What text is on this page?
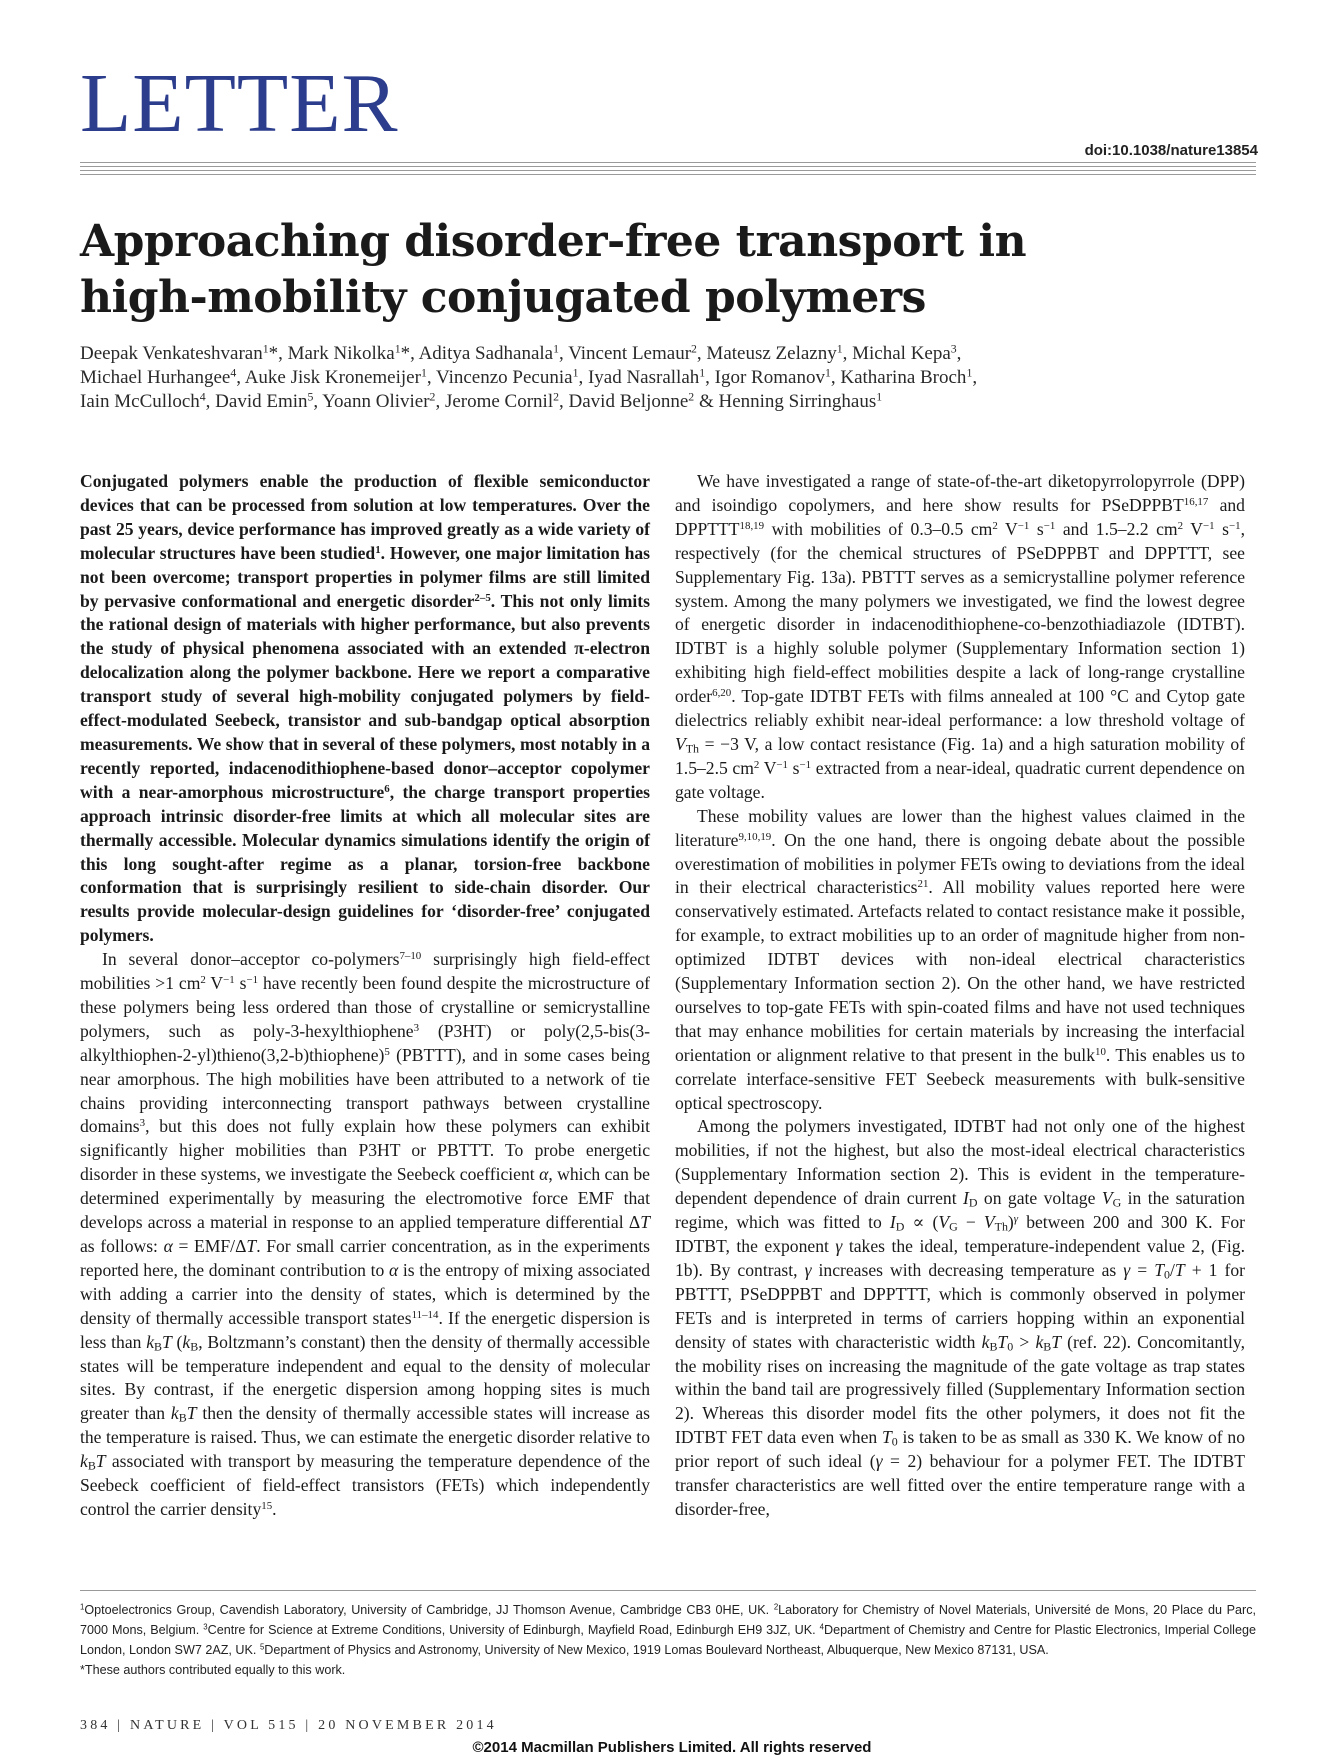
LETTER
doi:10.1038/nature13854
Approaching disorder-free transport in
high-mobility conjugated polymers
Deepak Venkateshvaran$^1$*, Mark Nikolka$^1$*, Aditya Sadhanala$^1$, Vincent Lemaur$^2$, Mateusz Zelazny$^1$, Michal Kepa$^3$,
Michael Hurhangee$^4$, Auke Jisk Kronemeijer$^1$, Vincenzo Pecunia$^1$, Iyad Nasrallah$^1$, Igor Romanov$^1$, Katharina Broch$^1$,
Iain McCulloch$^4$, David Emin$^5$, Yoann Olivier$^2$, Jerome Cornil$^2$, David Beljonne$^2$ & Henning Sirringhaus$^1$

Conjugated polymers enable the production of flexible semiconductor devices that can be processed from solution at low temperatures. Over the past 25 years, device performance has improved greatly as a wide variety of molecular structures have been studied$^1$. However, one major limitation has not been overcome; transport properties in polymer films are still limited by pervasive conformational and energetic disorder$^{2-5}$. This not only limits the rational design of materials with higher performance, but also prevents the study of physical phenomena associated with an extended π-electron delocalization along the polymer backbone. Here we report a comparative transport study of several high-mobility conjugated polymers by field-effect-modulated Seebeck, transistor and sub-bandgap optical absorption measurements. We show that in several of these polymers, most notably in a recently reported, indacenodithiophene-based donor–acceptor copolymer with a near-amorphous microstructure$^6$, the charge transport properties approach intrinsic disorder-free limits at which all molecular sites are thermally accessible. Molecular dynamics simulations identify the origin of this long sought-after regime as a planar, torsion-free backbone conformation that is surprisingly resilient to side-chain disorder. Our results provide molecular-design guidelines for ‘disorder-free’ conjugated polymers.

In several donor–acceptor co-polymers$^{7-10}$ surprisingly high field-effect mobilities >1 $cm^2$ $V^{-1}$ $s^{-1}$ have recently been found despite the microstructure of these polymers being less ordered than those of crystalline or semicrystalline polymers, such as poly-3-hexylthiophene$^3$ (P3HT) or poly(2,5-bis(3-alkylthiophen-2-yl)thieno(3,2-b)thiophene)$^5$ (PBTTT), and in some cases being near amorphous. The high mobilities have been attributed to a network of tie chains providing interconnecting transport pathways between crystalline domains$^3$, but this does not fully explain how these polymers can exhibit significantly higher mobilities than P3HT or PBTTT. To probe energetic disorder in these systems, we investigate the Seebeck coefficient α, which can be determined experimentally by measuring the electromotive force EMF that develops across a material in response to an applied temperature differential ΔT as follows: α = EMF/ΔT. For small carrier concentration, as in the experiments reported here, the dominant contribution to α is the entropy of mixing associated with adding a carrier into the density of states, which is determined by the density of thermally accessible transport states$^{11-14}$. If the energetic dispersion is less than $k_BT$ ($k_B$, Boltzmann’s constant) then the density of thermally accessible states will be temperature independent and equal to the density of molecular sites. By contrast, if the energetic dispersion among hopping sites is much greater than $k_BT$ then the density of thermally accessible states will increase as the temperature is raised. Thus, we can estimate the energetic disorder relative to $k_BT$ associated with transport by measuring the temperature dependence of the Seebeck coefficient of field-effect transistors (FETs) which independently control the carrier density$^{15}$.

We have investigated a range of state-of-the-art diketopyrrolopyrrole (DPP) and isoindigo copolymers, and here show results for PSeDPPBT$^{16,17}$ and DPPTTT$^{18,19}$ with mobilities of 0.3–0.5 $cm^2$ $V^{-1}$ $s^{-1}$ and 1.5–2.2 $cm^2$ $V^{-1}$ $s^{-1}$, respectively (for the chemical structures of PSeDPPBT and DPPTTT, see Supplementary Fig. 13a). PBTTT serves as a semicrystalline polymer reference system. Among the many polymers we investigated, we find the lowest degree of energetic disorder in indacenodithiophene-co-benzothiadiazole (IDTBT). IDTBT is a highly soluble polymer (Supplementary Information section 1) exhibiting high field-effect mobilities despite a lack of long-range crystalline order$^{6,20}$. Top-gate IDTBT FETs with films annealed at 100 °C and Cytop gate dielectrics reliably exhibit near-ideal performance: a low threshold voltage of $V_{Th} = -3$ V, a low contact resistance (Fig. 1a) and a high saturation mobility of 1.5–2.5 $cm^2$ $V^{-1}$ $s^{-1}$ extracted from a near-ideal, quadratic current dependence on gate voltage.

These mobility values are lower than the highest values claimed in the literature$^{9,10,19}$. On the one hand, there is ongoing debate about the possible overestimation of mobilities in polymer FETs owing to deviations from the ideal in their electrical characteristics$^{21}$. All mobility values reported here were conservatively estimated. Artefacts related to contact resistance make it possible, for example, to extract mobilities up to an order of magnitude higher from non-optimized IDTBT devices with non-ideal electrical characteristics (Supplementary Information section 2). On the other hand, we have restricted ourselves to top-gate FETs with spin-coated films and have not used techniques that may enhance mobilities for certain materials by increasing the interfacial orientation or alignment relative to that present in the bulk$^{10}$. This enables us to correlate interface-sensitive FET Seebeck measurements with bulk-sensitive optical spectroscopy.

Among the polymers investigated, IDTBT had not only one of the highest mobilities, if not the highest, but also the most-ideal electrical characteristics (Supplementary Information section 2). This is evident in the temperature-dependent dependence of drain current $I_D$ on gate voltage $V_G$ in the saturation regime, which was fitted to $I_D \propto (V_G - V_{Th})^\gamma$ between 200 and 300 K. For IDTBT, the exponent γ takes the ideal, temperature-independent value 2, (Fig. 1b). By contrast, γ increases with decreasing temperature as $\gamma = T_0/T + 1$ for PBTTT, PSeDPPBT and DPPTTT, which is commonly observed in polymer FETs and is interpreted in terms of carriers hopping within an exponential density of states with characteristic width $k_BT_0 > k_BT$ (ref. 22). Concomitantly, the mobility rises on increasing the magnitude of the gate voltage as trap states within the band tail are progressively filled (Supplementary Information section 2). Whereas this disorder model fits the other polymers, it does not fit the IDTBT FET data even when $T_0$ is taken to be as small as 330 K. We know of no prior report of such ideal (γ = 2) behaviour for a polymer FET. The IDTBT transfer characteristics are well fitted over the entire temperature range with a disorder-free,

$^1$Optoelectronics Group, Cavendish Laboratory, University of Cambridge, JJ Thomson Avenue, Cambridge CB3 0HE, UK. $^2$Laboratory for Chemistry of Novel Materials, Université de Mons, 20 Place du Parc, 7000 Mons, Belgium. $^3$Centre for Science at Extreme Conditions, University of Edinburgh, Mayfield Road, Edinburgh EH9 3JZ, UK. $^4$Department of Chemistry and Centre for Plastic Electronics, Imperial College London, London SW7 2AZ, UK. $^5$Department of Physics and Astronomy, University of New Mexico, 1919 Lomas Boulevard Northeast, Albuquerque, New Mexico 87131, USA.

*These authors contributed equally to this work.

384 | NATURE | VOL 515 | 20 NOVEMBER 2014
©2014 Macmillan Publishers Limited. All rights reserved
